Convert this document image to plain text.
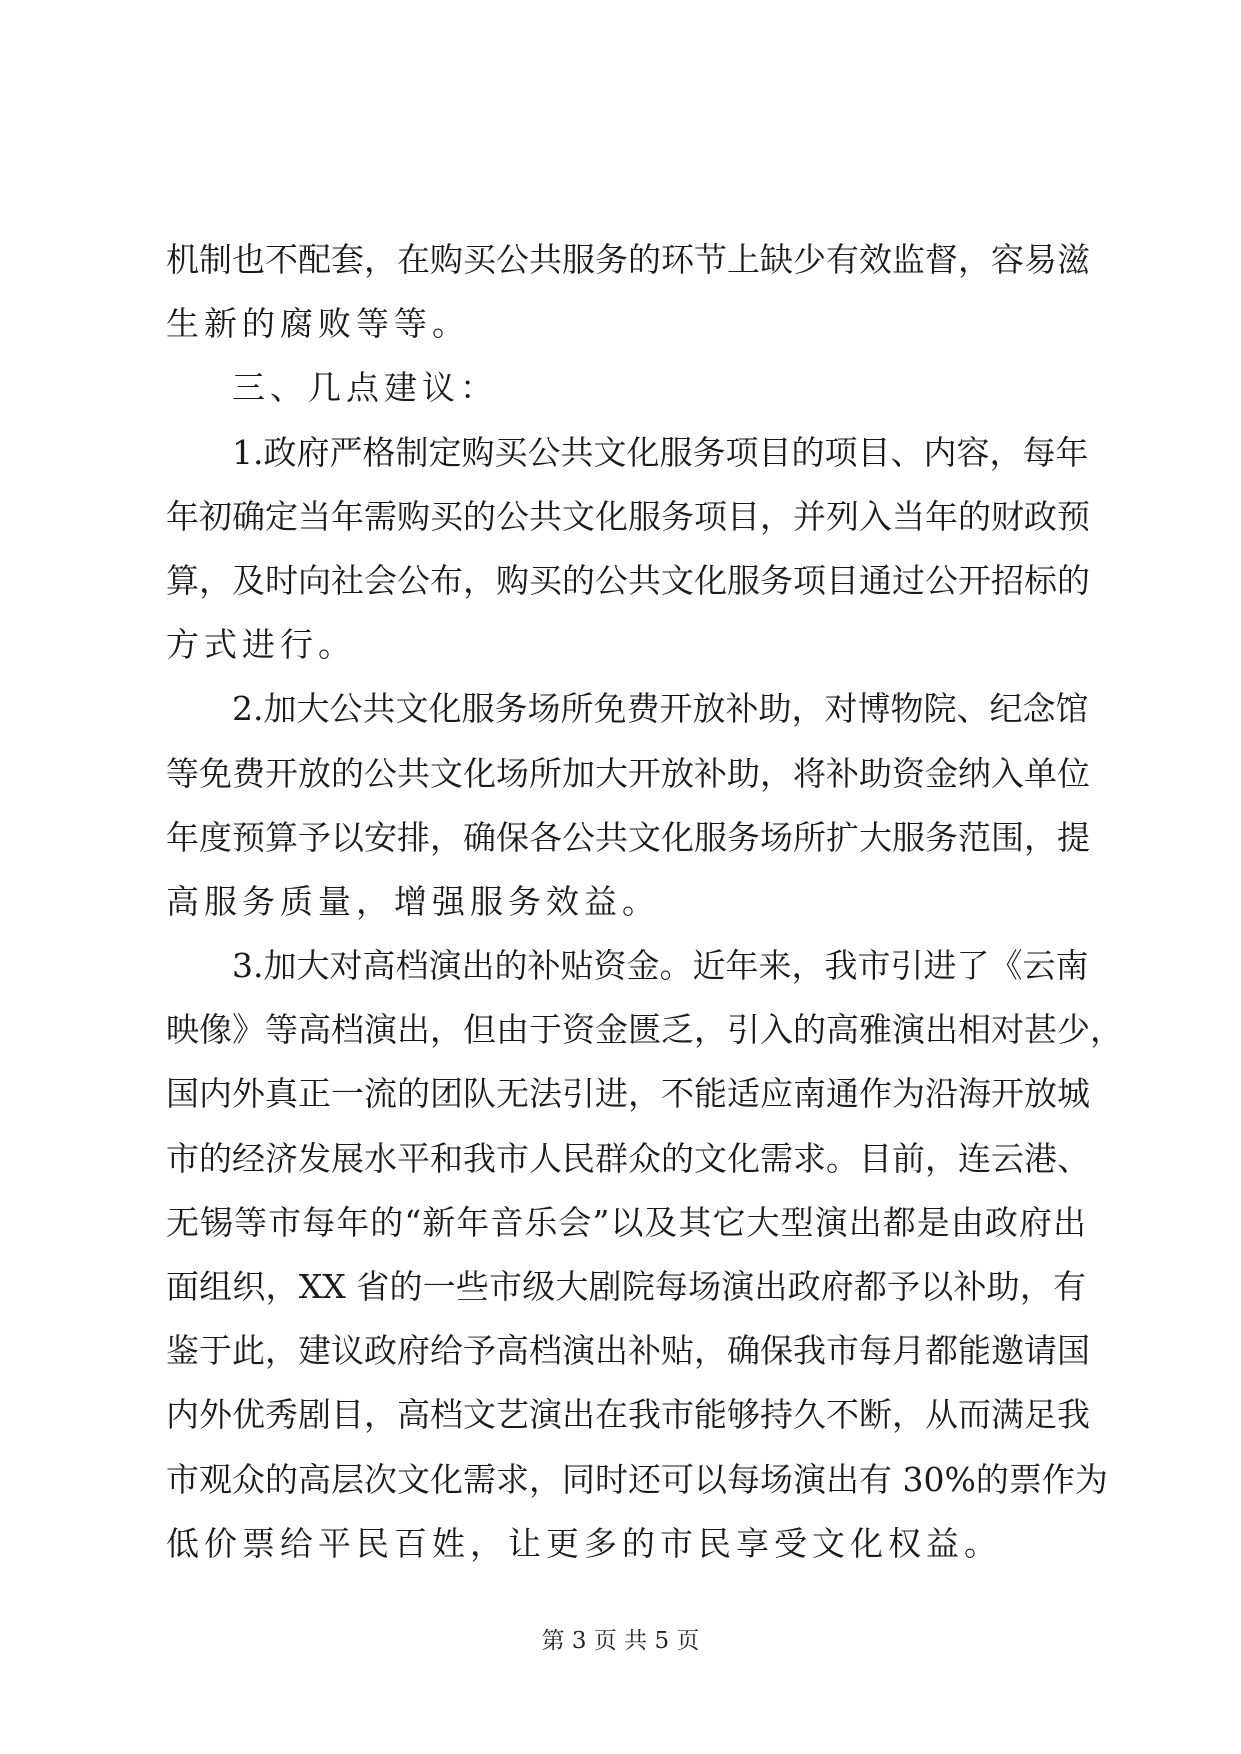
机制也不配套，在购买公共服务的环节上缺少有效监督，容易滋
生新的腐败等等。
三、几点建议：
1.政府严格制定购买公共文化服务项目的项目、内容，每年
年初确定当年需购买的公共文化服务项目，并列入当年的财政预
算，及时向社会公布，购买的公共文化服务项目通过公开招标的
方式进行。
2.加大公共文化服务场所免费开放补助，对博物院、纪念馆
等免费开放的公共文化场所加大开放补助，将补助资金纳入单位
年度预算予以安排，确保各公共文化服务场所扩大服务范围，提
高服务质量，增强服务效益。
3.加大对高档演出的补贴资金。近年来，我市引进了《云南
映像》等高档演出，但由于资金匮乏，引入的高雅演出相对甚少，
国内外真正一流的团队无法引进，不能适应南通作为沿海开放城
市的经济发展水平和我市人民群众的文化需求。目前，连云港、
无锡等市每年的“新年音乐会”以及其它大型演出都是由政府出
面组织，XX 省的一些市级大剧院每场演出政府都予以补助，有
鉴于此，建议政府给予高档演出补贴，确保我市每月都能邀请国
内外优秀剧目，高档文艺演出在我市能够持久不断，从而满足我
市观众的高层次文化需求，同时还可以每场演出有 30%的票作为
低价票给平民百姓，让更多的市民享受文化权益。
第 3 页 共 5 页
